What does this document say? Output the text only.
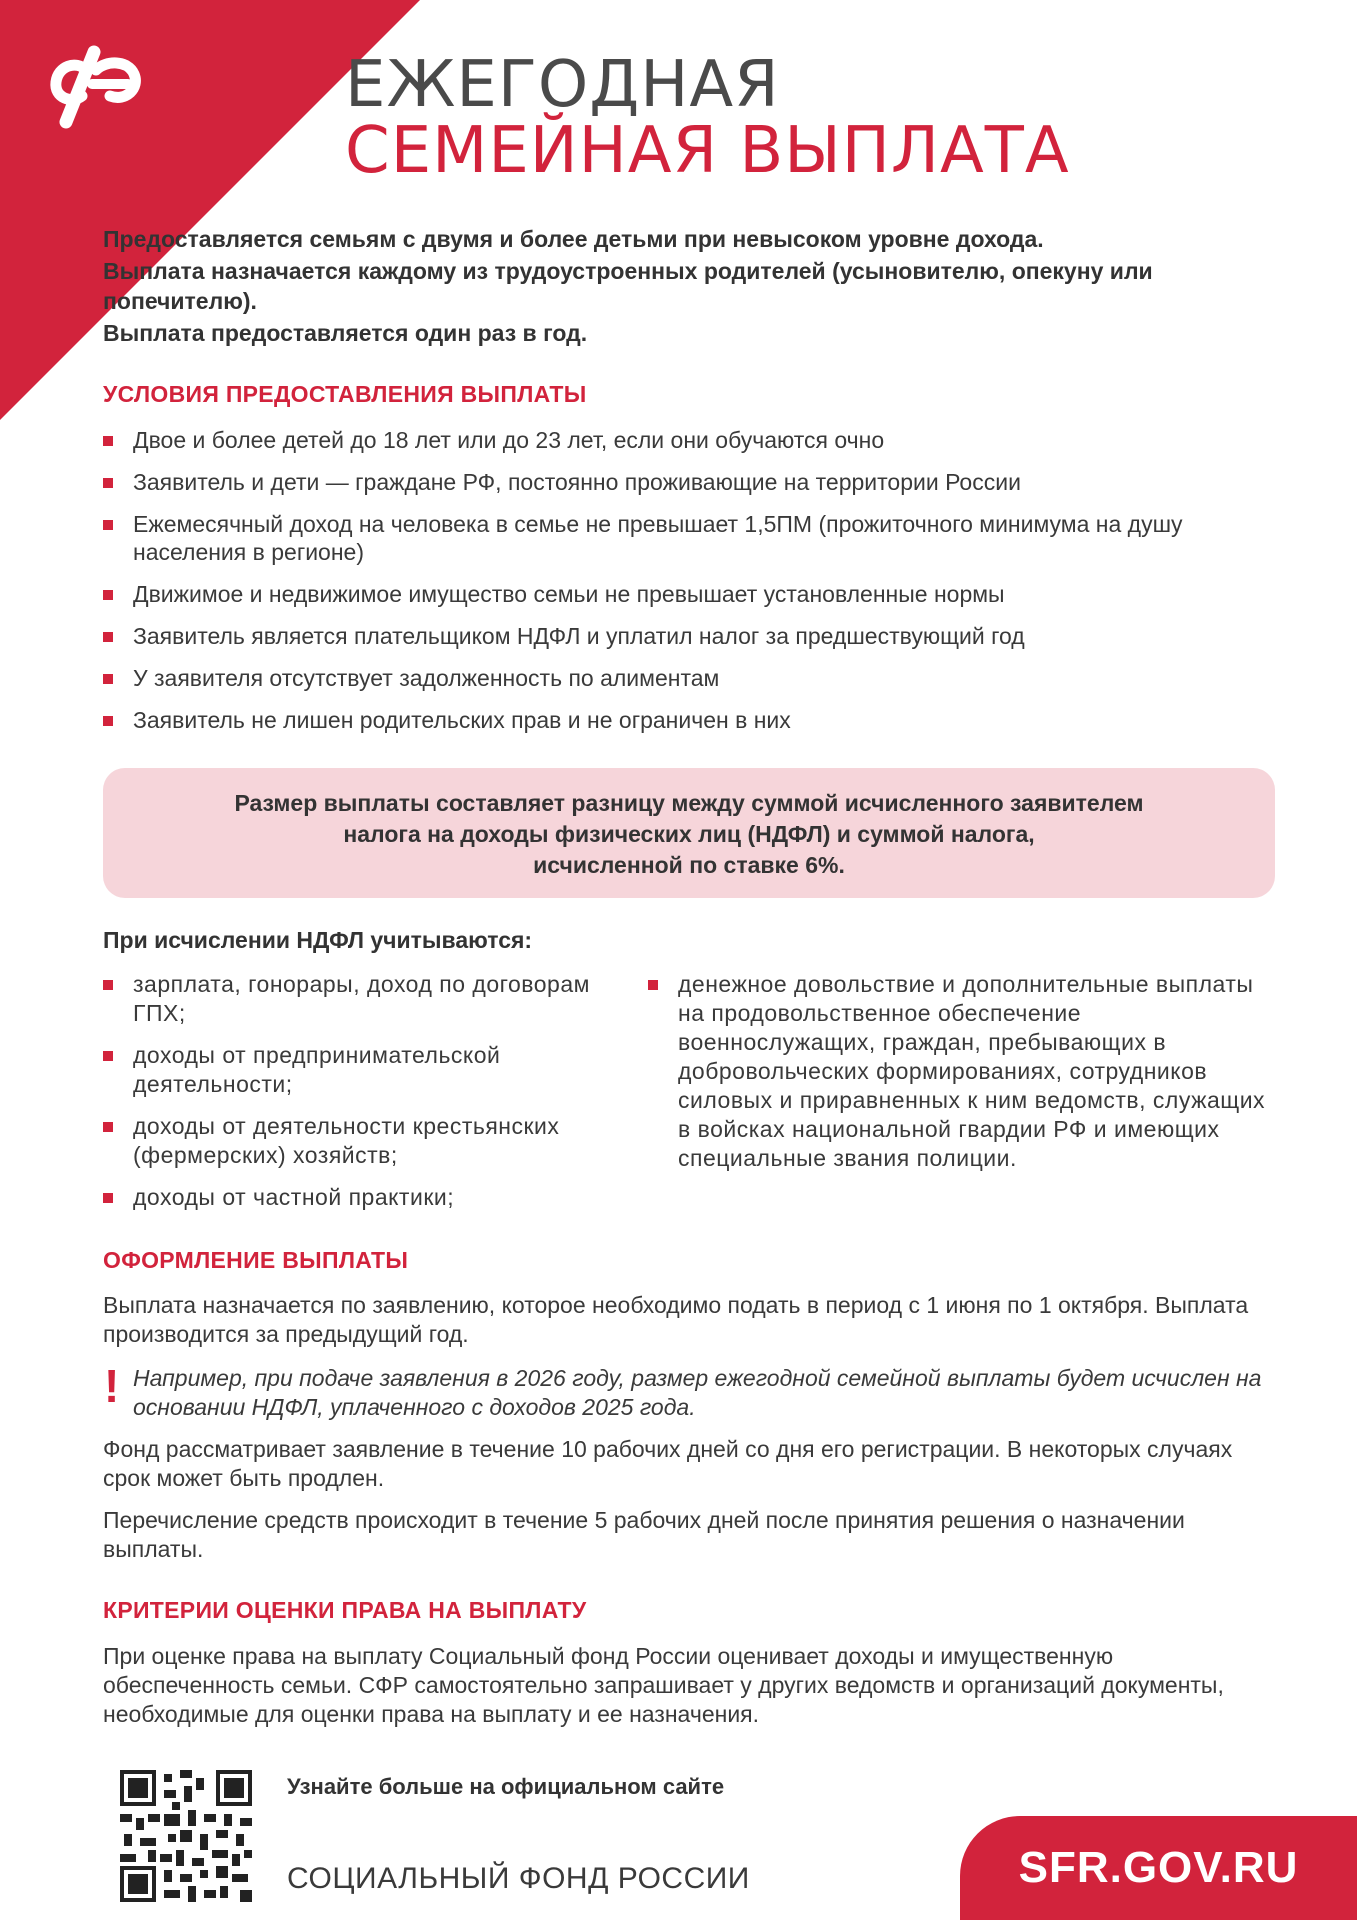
ЕЖЕГОДНАЯ
СЕМЕЙНАЯ ВЫПЛАТА

Предоставляется семьям с двумя и более детьми при невысоком уровне дохода.

Выплата назначается каждому из трудоустроенных родителей (усыновителю, опекуну или попечителю).

Выплата предоставляется один раз в год.

УСЛОВИЯ ПРЕДОСТАВЛЕНИЯ ВЫПЛАТЫ
Двое и более детей до 18 лет или до 23 лет, если они обучаются очно
Заявитель и дети — граждане РФ, постоянно проживающие на территории России
Ежемесячный доход на человека в семье не превышает 1,5ПМ (прожиточного минимума на душу населения в регионе)
Движимое и недвижимое имущество семьи не превышает установленные нормы
Заявитель является плательщиком НДФЛ и уплатил налог за предшествующий год
У заявителя отсутствует задолженность по алиментам
Заявитель не лишен родительских прав и не ограничен в них
Размер выплаты составляет разницу между суммой исчисленного заявителем
налога на доходы физических лиц (НДФЛ) и суммой налога,
исчисленной по ставке 6%.
При исчислении НДФЛ учитываются:
зарплата, гонорары, доход по договорам ГПХ;
доходы от предпринимательской деятельности;
доходы от деятельности крестьянских (фермерских) хозяйств;
доходы от частной практики;
денежное довольствие и дополнительные выплаты на продовольственное обеспечение военнослужащих, граждан, пребывающих в добровольческих формированиях, сотрудников силовых и приравненных к ним ведомств, служащих в войсках национальной гвардии РФ и имеющих специальные звания полиции.
ОФОРМЛЕНИЕ ВЫПЛАТЫ
Выплата назначается по заявлению, которое необходимо подать в период с 1 июня по 1 октября. Выплата производится за предыдущий год.
! Например, при подаче заявления в 2026 году, размер ежегодной семейной выплаты будет исчислен на основании НДФЛ, уплаченного с доходов 2025 года.
Фонд рассматривает заявление в течение 10 рабочих дней со дня его регистрации. В некоторых случаях срок может быть продлен.
Перечисление средств происходит в течение 5 рабочих дней после принятия решения о назначении выплаты.
КРИТЕРИИ ОЦЕНКИ ПРАВА НА ВЫПЛАТУ
При оценке права на выплату Социальный фонд России оценивает доходы и имущественную обеспеченность семьи. СФР самостоятельно запрашивает у других ведомств и организаций документы, необходимые для оценки права на выплату и ее назначения.
Узнайте больше на официальном сайте
СОЦИАЛЬНЫЙ ФОНД РОССИИ	SFR.GOV.RU
